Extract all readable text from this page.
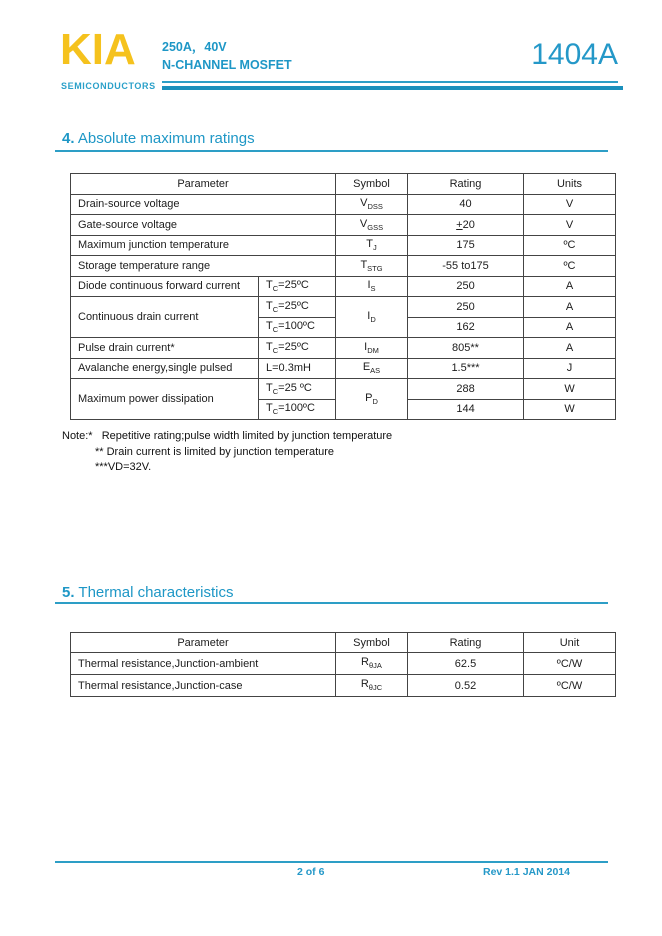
KIA
SEMICONDUCTORS
250A，40V
N-CHANNEL MOSFET	1404A
4. Absolute maximum ratings
Parameter		Symbol	Rating	Units
Drain-source voltage		$V_{DSS}$	40	V
Gate-source voltage		$V_{GSS}$	+20	V
Maximum junction temperature		$T_J$	175	ºC
Storage temperature range		$T_{STG}$	-55 to175	ºC
Diode continuous forward current	$T_C=25ºC$	$I_S$	250	A
Continuous drain current	$T_C=25ºC$	$I_D$	250	A
	$T_C=100ºC$		162	A
Pulse drain current*	$T_C=25ºC$	$I_{DM}$	805**	A
Avalanche energy,single pulsed	L=0.3mH	$E_{AS}$	1.5***	J
Maximum power dissipation	$T_C=25$ ºC	$P_D$	288	W
	$T_C=100ºC$		144	W
Note:*   Repetitive rating;pulse width limited by junction temperature
** Drain current is limited by junction temperature
***VD=32V.
5. Thermal characteristics
Parameter	Symbol	Rating	Unit
Thermal resistance,Junction-ambient	$R_{\theta JA}$	62.5	ºC/W
Thermal resistance,Junction-case	$R_{\theta JC}$	0.52	ºC/W
2 of 6	Rev 1.1 JAN 2014
